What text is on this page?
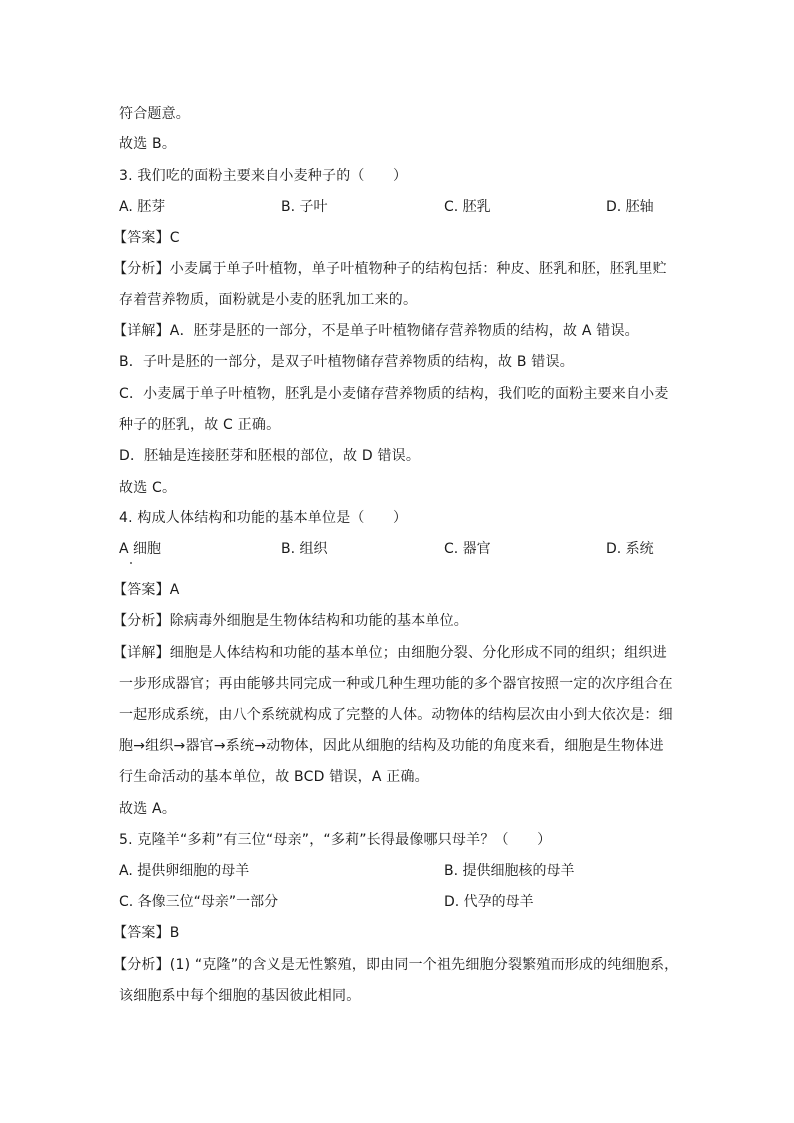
符合题意。
故选 B。
3. 我们吃的面粉主要来自小麦种子的（　　）
A. 胚芽	B. 子叶	C. 胚乳	D. 胚轴
【答案】C
【分析】小麦属于单子叶植物，单子叶植物种子的结构包括：种皮、胚乳和胚，胚乳里贮
存着营养物质，面粉就是小麦的胚乳加工来的。
【详解】A．胚芽是胚的一部分，不是单子叶植物储存营养物质的结构，故 A 错误。
B．子叶是胚的一部分，是双子叶植物储存营养物质的结构，故 B 错误。
C．小麦属于单子叶植物，胚乳是小麦储存营养物质的结构，我们吃的面粉主要来自小麦
种子的胚乳，故 C 正确。
D．胚轴是连接胚芽和胚根的部位，故 D 错误。
故选 C。
4. 构成人体结构和功能的基本单位是（　　）
A 细胞	B. 组织	C. 器官	D. 系统
【答案】A
【分析】除病毒外细胞是生物体结构和功能的基本单位。
【详解】细胞是人体结构和功能的基本单位；由细胞分裂、分化形成不同的组织；组织进
一步形成器官；再由能够共同完成一种或几种生理功能的多个器官按照一定的次序组合在
一起形成系统，由八个系统就构成了完整的人体。动物体的结构层次由小到大依次是：细
胞→组织→器官→系统→动物体，因此从细胞的结构及功能的角度来看，细胞是生物体进
行生命活动的基本单位，故 BCD 错误，A 正确。
故选 A。
5. 克隆羊“多莉”有三位“母亲”，“多莉”长得最像哪只母羊？（　　）
A. 提供卵细胞的母羊	B. 提供细胞核的母羊
C. 各像三位“母亲”一部分	D. 代孕的母羊
【答案】B
【分析】(1) “克隆”的含义是无性繁殖，即由同一个祖先细胞分裂繁殖而形成的纯细胞系，
该细胞系中每个细胞的基因彼此相同。
